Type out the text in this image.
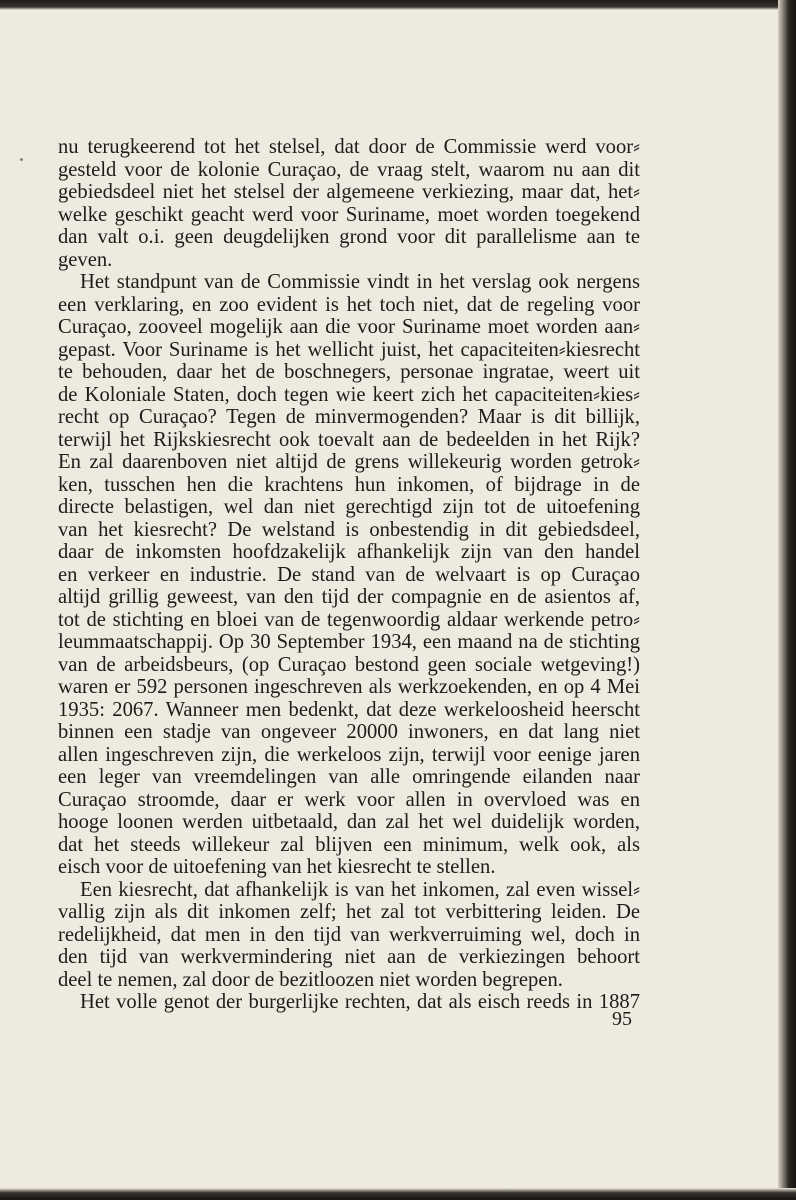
nu terugkeerend tot het stelsel, dat door de Commissie werd voor⸗
gesteld voor de kolonie Curaçao, de vraag stelt, waarom nu aan dit
gebiedsdeel niet het stelsel der algemeene verkiezing, maar dat, het⸗
welke geschikt geacht werd voor Suriname, moet worden toegekend
dan valt o.i. geen deugdelijken grond voor dit parallelisme aan te
geven.

Het standpunt van de Commissie vindt in het verslag ook nergens
een verklaring, en zoo evident is het toch niet, dat de regeling voor
Curaçao, zooveel mogelijk aan die voor Suriname moet worden aan⸗
gepast. Voor Suriname is het wellicht juist, het capaciteiten⸗kiesrecht
te behouden, daar het de boschnegers, personae ingratae, weert uit
de Koloniale Staten, doch tegen wie keert zich het capaciteiten⸗kies⸗
recht op Curaçao? Tegen de minvermogenden? Maar is dit billijk,
terwijl het Rijkskiesrecht ook toevalt aan de bedeelden in het Rijk?
En zal daarenboven niet altijd de grens willekeurig worden getrok⸗
ken, tusschen hen die krachtens hun inkomen, of bijdrage in de
directe belastigen, wel dan niet gerechtigd zijn tot de uitoefening
van het kiesrecht? De welstand is onbestendig in dit gebiedsdeel,
daar de inkomsten hoofdzakelijk afhankelijk zijn van den handel
en verkeer en industrie. De stand van de welvaart is op Curaçao
altijd grillig geweest, van den tijd der compagnie en de asientos af,
tot de stichting en bloei van de tegenwoordig aldaar werkende petro⸗
leummaatschappij. Op 30 September 1934, een maand na de stichting
van de arbeidsbeurs, (op Curaçao bestond geen sociale wetgeving!)
waren er 592 personen ingeschreven als werkzoekenden, en op 4 Mei
1935: 2067. Wanneer men bedenkt, dat deze werkeloosheid heerscht
binnen een stadje van ongeveer 20000 inwoners, en dat lang niet
allen ingeschreven zijn, die werkeloos zijn, terwijl voor eenige jaren
een leger van vreemdelingen van alle omringende eilanden naar
Curaçao stroomde, daar er werk voor allen in overvloed was en
hooge loonen werden uitbetaald, dan zal het wel duidelijk worden,
dat het steeds willekeur zal blijven een minimum, welk ook, als
eisch voor de uitoefening van het kiesrecht te stellen.

Een kiesrecht, dat afhankelijk is van het inkomen, zal even wissel⸗
vallig zijn als dit inkomen zelf; het zal tot verbittering leiden. De
redelijkheid, dat men in den tijd van werkverruiming wel, doch in
den tijd van werkvermindering niet aan de verkiezingen behoort
deel te nemen, zal door de bezitloozen niet worden begrepen.

Het volle genot der burgerlijke rechten, dat als eisch reeds in 1887

95
